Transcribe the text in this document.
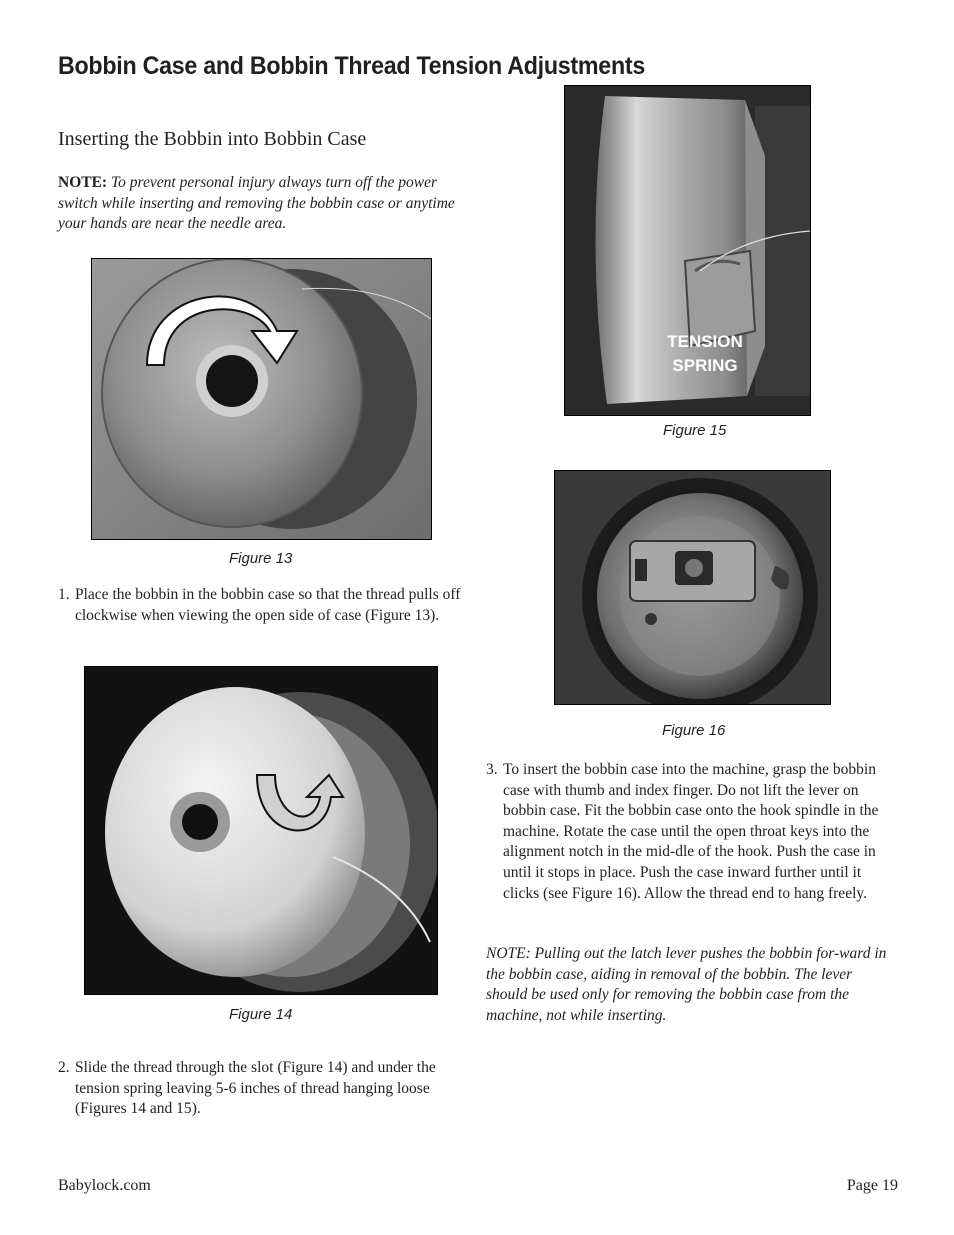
Bobbin Case and Bobbin Thread Tension Adjustments
Inserting the Bobbin into Bobbin Case
NOTE: To prevent personal injury always turn off the power switch while inserting and removing the bobbin case or anytime your hands are near the needle area.
Figure 13
1. Place the bobbin in the bobbin case so that the thread pulls off clockwise when viewing the open side of case (Figure 13).
Figure 14
2. Slide the thread through the slot (Figure 14) and under the tension spring leaving 5-6 inches of thread hanging loose (Figures 14 and 15).
TENSION
SPRING
Figure 15
Figure 16
3. To insert the bobbin case into the machine, grasp the bobbin case with thumb and index finger. Do not lift the lever on bobbin case. Fit the bobbin case onto the hook spindle in the machine. Rotate the case until the open throat keys into the alignment notch in the mid-dle of the hook. Push the case in until it stops in place. Push the case inward further until it clicks (see Figure 16). Allow the thread end to hang freely.
NOTE: Pulling out the latch lever pushes the bobbin for-ward in the bobbin case, aiding in removal of the bobbin. The lever should be used only for removing the bobbin case from the machine, not while inserting.
Babylock.com	Page 19
